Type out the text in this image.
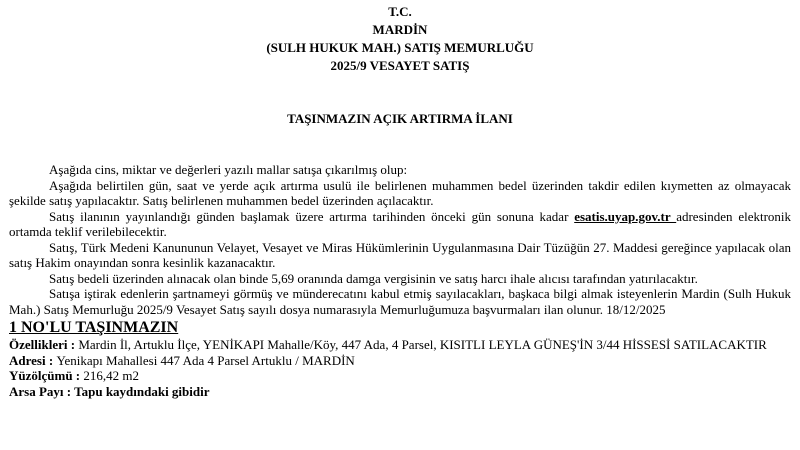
T.C.
MARDİN
(SULH HUKUK MAH.) SATIŞ MEMURLUĞU
2025/9 VESAYET SATIŞ
TAŞINMAZIN AÇIK ARTIRMA İLANI

Aşağıda cins, miktar ve değerleri yazılı mallar satışa çıkarılmış olup:

Aşağıda belirtilen gün, saat ve yerde açık artırma usulü ile belirlenen muhammen bedel üzerinden takdir edilen kıymetten az olmayacak şekilde satış yapılacaktır. Satış belirlenen muhammen bedel üzerinden açılacaktır.

Satış ilanının yayınlandığı günden başlamak üzere artırma tarihinden önceki gün sonuna kadar esatis.uyap.gov.tr adresinden elektronik ortamda teklif verilebilecektir.

Satış, Türk Medeni Kanununun Velayet, Vesayet ve Miras Hükümlerinin Uygulanmasına Dair Tüzüğün 27. Maddesi gereğince yapılacak olan satış Hakim onayından sonra kesinlik kazanacaktır.

Satış bedeli üzerinden alınacak olan binde 5,69 oranında damga vergisinin ve satış harcı ihale alıcısı tarafından yatırılacaktır.

Satışa iştirak edenlerin şartnameyi görmüş ve münderecatını kabul etmiş sayılacakları, başkaca bilgi almak isteyenlerin Mardin (Sulh Hukuk Mah.) Satış Memurluğu 2025/9 Vesayet Satış sayılı dosya numarasıyla Memurluğumuza başvurmaları ilan olunur. 18/12/2025

1 NO'LU TAŞINMAZIN

Özellikleri : Mardin İl, Artuklu İlçe, YENİKAPI Mahalle/Köy, 447 Ada, 4 Parsel, KISITLI LEYLA GÜNEŞ'İN 3/44 HİSSESİ SATILACAKTIR

Adresi : Yenikapı Mahallesi 447 Ada 4 Parsel Artuklu / MARDİN

Yüzölçümü : 216,42 m2

Arsa Payı : Tapu kaydındaki gibidir
